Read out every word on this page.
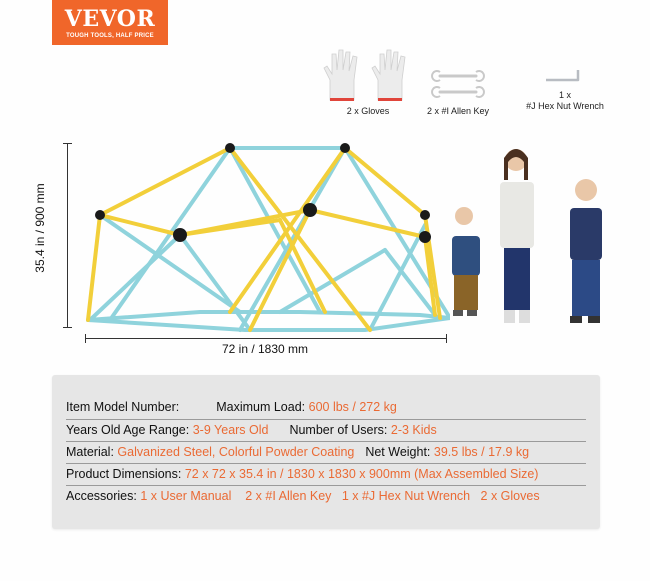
VEVOR
TOUGH TOOLS, HALF PRICE
2 x Gloves	2 x #I Allen Key
1 x
#J Hex Nut Wrench
35.4 in / 900 mm
72 in / 1830 mm
Item Model Number:	Maximum Load: 600 lbs / 272 kg
Years Old Age Range: 3-9 Years Old Number of Users: 2-3 Kids
Material: Galvanized Steel, Colorful Powder Coating Net Weight: 39.5 lbs / 17.9 kg
Product Dimensions: 72 x 72 x 35.4 in / 1830 x 1830 x 900mm (Max Assembled Size)
Accessories: 1 x User Manual    2 x #I Allen Key   1 x #J Hex Nut Wrench   2 x Gloves
